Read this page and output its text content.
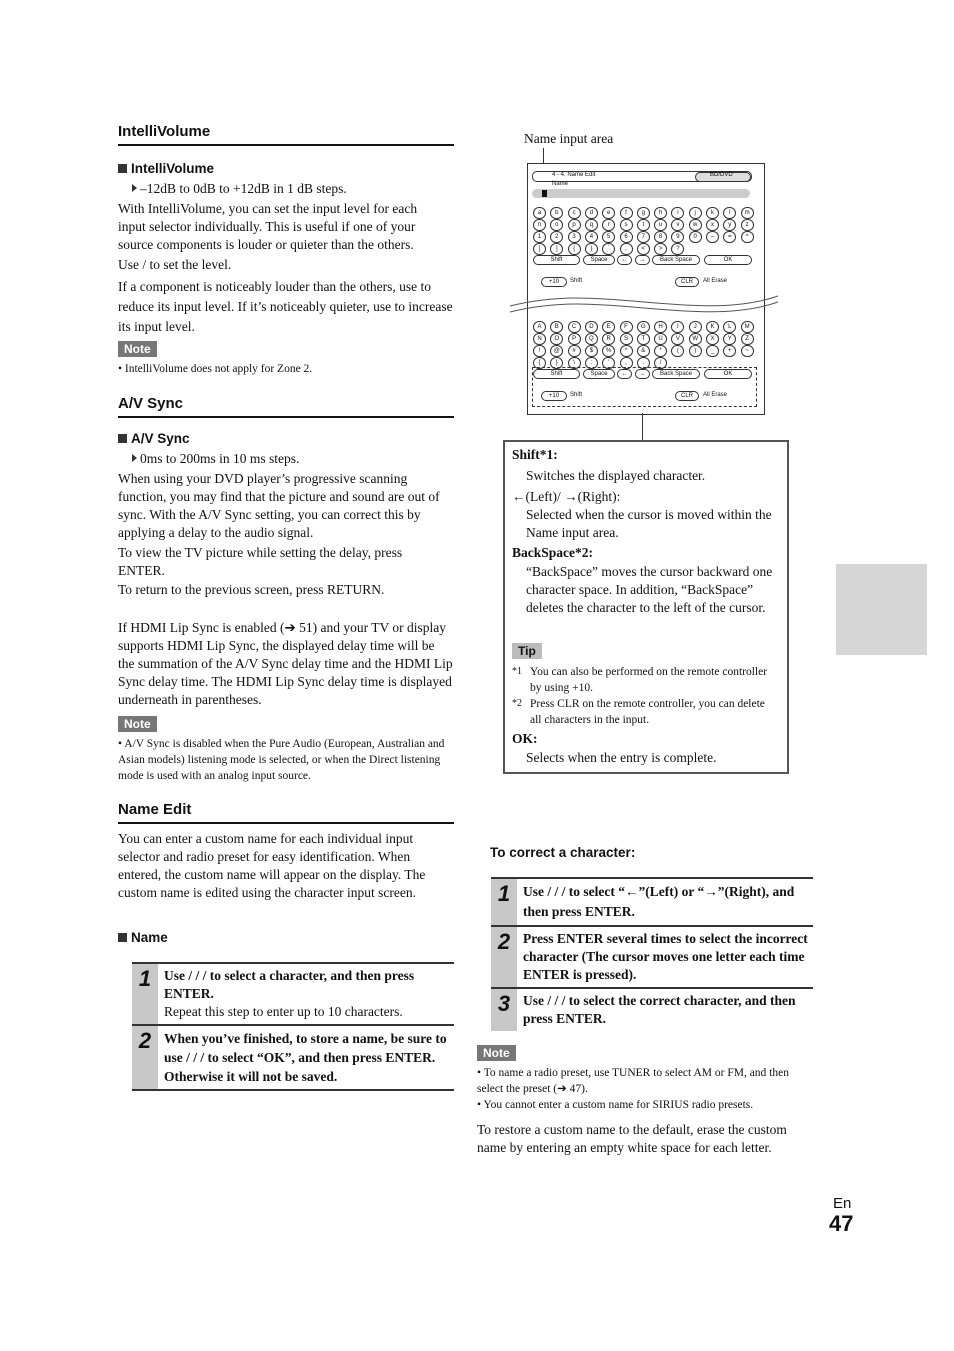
IntelliVolume
IntelliVolume
–12dB to 0dB to +12dB in 1 dB steps.

With IntelliVolume, you can set the input level for each input selector individually. This is useful if one of your source components is louder or quieter than the others.

Use / to set the level.

If a component is noticeably louder than the others, use to reduce its input level. If it’s noticeably quieter, use to increase its input level.

Note
• IntelliVolume does not apply for Zone 2.
A/V Sync
A/V Sync
0ms to 200ms in 10 ms steps.

When using your DVD player’s progressive scanning function, you may find that the picture and sound are out of sync. With the A/V Sync setting, you can correct this by applying a delay to the audio signal.

To view the TV picture while setting the delay, press ENTER.

To return to the previous screen, press RETURN.

If HDMI Lip Sync is enabled (➔ 51) and your TV or display supports HDMI Lip Sync, the displayed delay time will be the summation of the A/V Sync delay time and the HDMI Lip Sync delay time. The HDMI Lip Sync delay time is displayed underneath in parentheses.

Note
• A/V Sync is disabled when the Pure Audio (European, Australian and Asian models) listening mode is selected, or when the Direct listening mode is used with an analog input source.
Name Edit

You can enter a custom name for each individual input selector and radio preset for easy identification. When entered, the custom name will appear on the display. The custom name is edited using the character input screen.

Name
1 Use / / / to select a character, and then press ENTER.
Repeat this step to enter up to 10 characters.
2 When you’ve finished, to store a name, be sure to use / / / to select “OK”, and then press ENTER. Otherwise it will not be saved.
Name input area
4 - 4. Name Edit	BD/DVD
Name
a	b	c	d	e	f	g	h	i	j	k	l	m
n	o	p	q	r	s	t	u	v	w	x	y	z
1	2	3	4	5	6	7	8	9	0	–	=	^
[	]	{	}	`	;	<	>	?
Shift	Space	←	→	Back Space	OK
+10	Shift	CLR	All Erase
A	B	C	D	E	F	G	H	I	J	K	L	M
N	O	P	Q	R	S	T	U	V	W	X	Y	Z
!	@	#	$	%	^	&	*	(	)	_	+	~
{	}	\	:	'	,	.	/
Shift	Space	←	→	Back Space	OK
+10	Shift	CLR	All Erase

Shift*1:

Switches the displayed character.

←(Left)/ →(Right):

Selected when the cursor is moved within the Name input area.

BackSpace*2:

“BackSpace” moves the cursor backward one character space. In addition, “BackSpace” deletes the character to the left of the cursor.

Tip
*1 You can also be performed on the remote controller by using +10.
*2 Press CLR on the remote controller, you can delete all characters in the input.

OK:

Selects when the entry is complete.

To correct a character:
1 Use / / / to select “←”(Left) or “→”(Right), and then press ENTER.
2 Press ENTER several times to select the incorrect character (The cursor moves one letter each time ENTER is pressed).
3 Use / / / to select the correct character, and then press ENTER.
Note
• To name a radio preset, use TUNER to select AM or FM, and then select the preset (➔ 47).
• You cannot enter a custom name for SIRIUS radio presets.

To restore a custom name to the default, erase the custom name by entering an empty white space for each letter.

En
47
